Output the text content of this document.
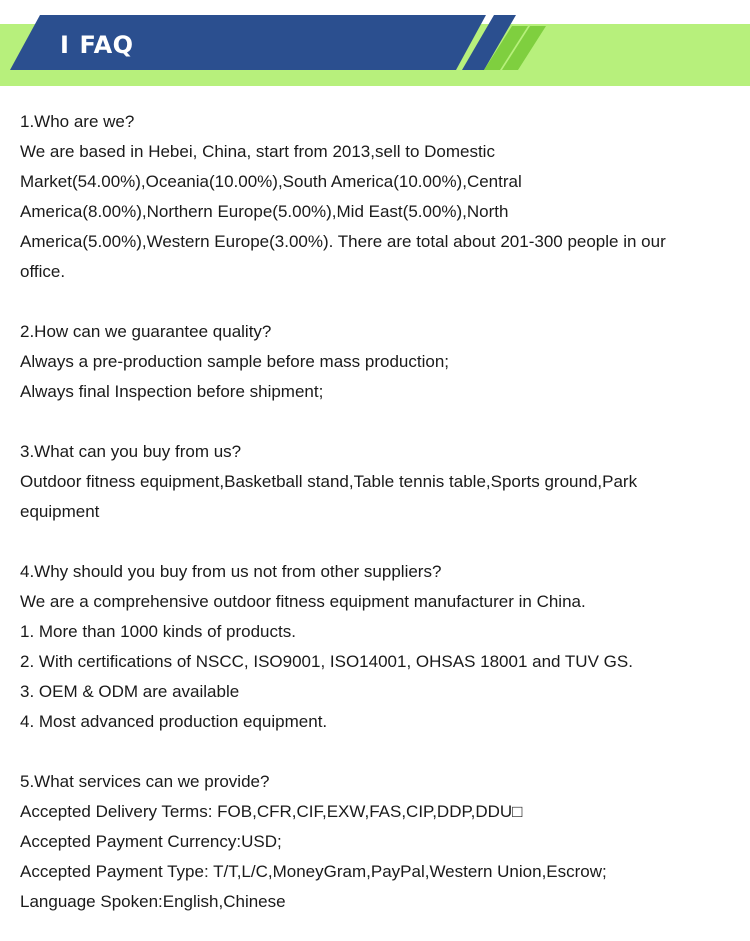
I FAQ
1.Who are we?
We are based in Hebei, China, start from 2013,sell to Domestic
Market(54.00%),Oceania(10.00%),South America(10.00%),Central
America(8.00%),Northern Europe(5.00%),Mid East(5.00%),North
America(5.00%),Western Europe(3.00%). There are total about 201-300 people in our
office.
2.How can we guarantee quality?
Always a pre-production sample before mass production;
Always final Inspection before shipment;
3.What can you buy from us?
Outdoor fitness equipment,Basketball stand,Table tennis table,Sports ground,Park
equipment
4.Why should you buy from us not from other suppliers?
We are a comprehensive outdoor fitness equipment manufacturer in China.
1. More than 1000 kinds of products.
2. With certifications of NSCC, ISO9001, ISO14001, OHSAS 18001 and TUV GS.
3. OEM & ODM are available
4. Most advanced production equipment.
5.What services can we provide?
Accepted Delivery Terms: FOB,CFR,CIF,EXW,FAS,CIP,DDP,DDU□
Accepted Payment Currency:USD;
Accepted Payment Type: T/T,L/C,MoneyGram,PayPal,Western Union,Escrow;
Language Spoken:English,Chinese
